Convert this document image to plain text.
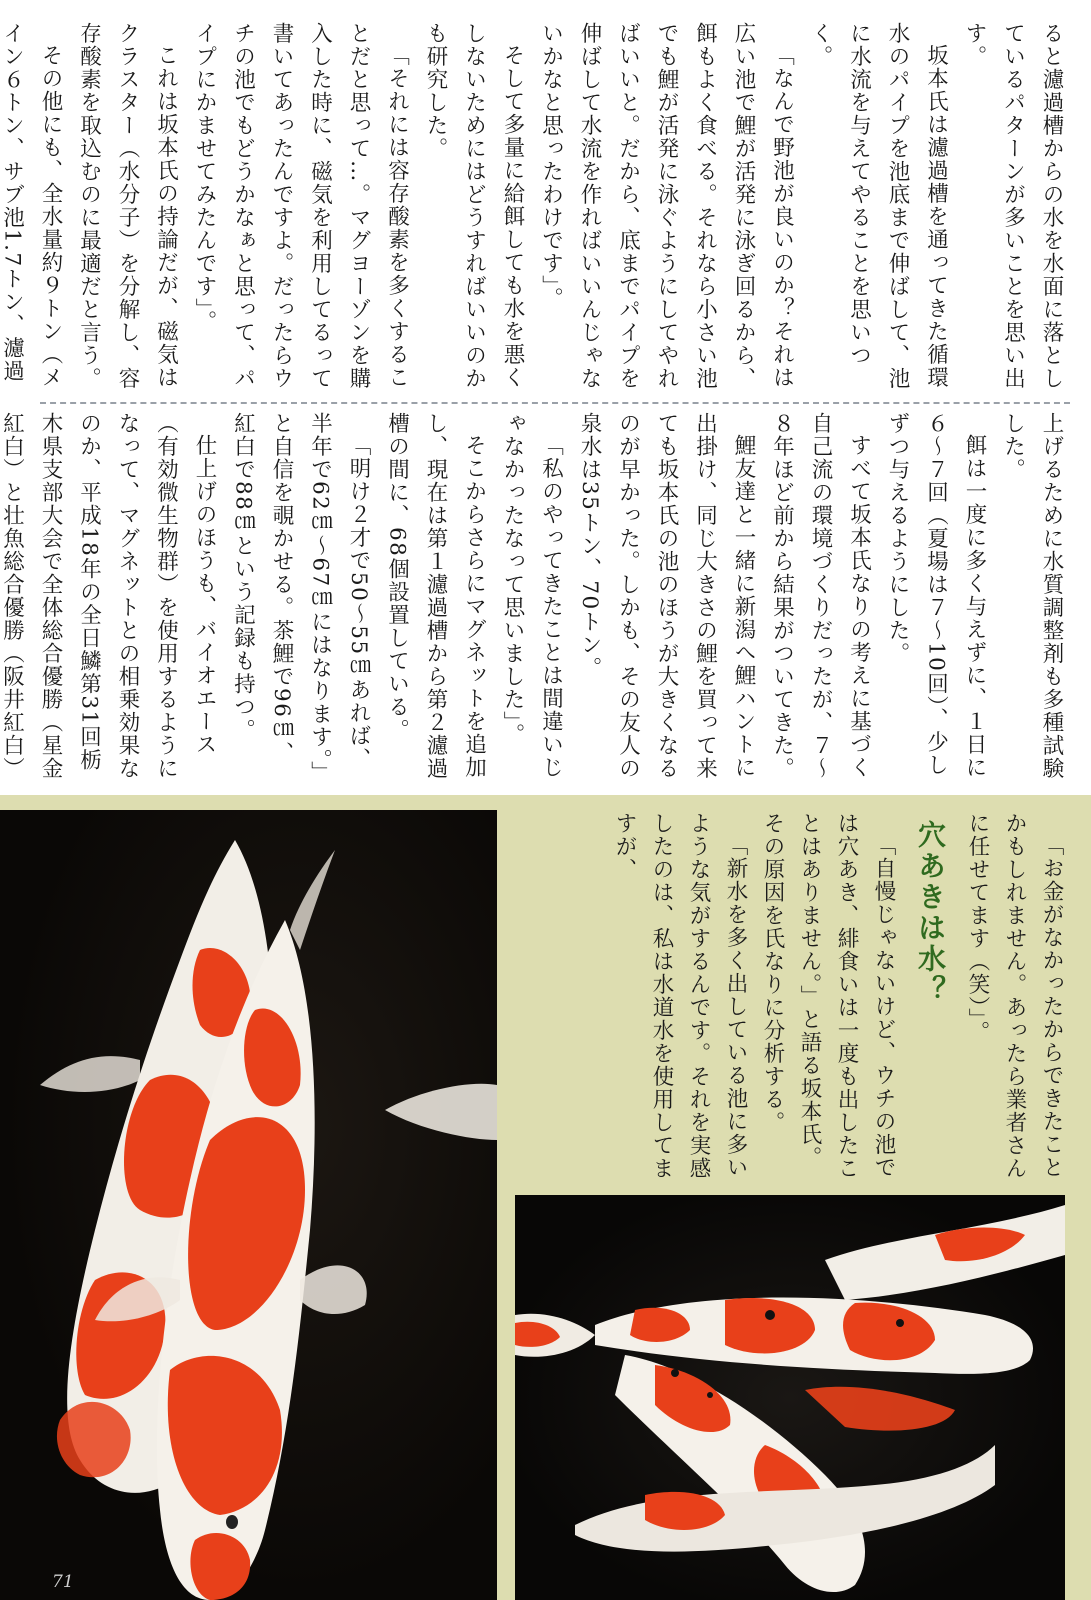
ると濾過槽からの水を水面に落としているパターンが多いことを思い出す。

坂本氏は濾過槽を通ってきた循環水のパイプを池底まで伸ばして、池に水流を与えてやることを思いつく。

「なんで野池が良いのか？それは広い池で鯉が活発に泳ぎ回るから、餌もよく食べる。それなら小さい池でも鯉が活発に泳ぐようにしてやればいいと。だから、底までパイプを伸ばして水流を作ればいいんじゃないかなと思ったわけです」。

そして多量に給餌しても水を悪くしないためにはどうすればいいのかも研究した。

「それには容存酸素を多くすることだと思って…。マグヨーゾンを購入した時に、磁気を利用してるって書いてあったんですよ。だったらウチの池でもどうかなぁと思って、パイプにかませてみたんです」。

これは坂本氏の持論だが、磁気はクラスター（水分子）を分解し、容存酸素を取込むのに最適だと言う。

その他にも、全水量約９トン（メイン６トン、サブ池1.7トン、濾過

上げるために水質調整剤も多種試験した。

餌は一度に多く与えずに、１日に６～７回（夏場は７～10回）、少しずつ与えるようにした。

すべて坂本氏なりの考えに基づく自己流の環境づくりだったが、７～８年ほど前から結果がついてきた。

鯉友達と一緒に新潟へ鯉ハントに出掛け、同じ大きさの鯉を買って来ても坂本氏の池のほうが大きくなるのが早かった。しかも、その友人の泉水は35トン、70トン。

「私のやってきたことは間違いじゃなかったなって思いました」。

そこからさらにマグネットを追加し、現在は第１濾過槽から第２濾過槽の間に、68個設置している。

「明け２才で50～55㎝あれば、半年で62㎝～67㎝にはなります。」と自信を覗かせる。茶鯉で96㎝、紅白で88㎝という記録も持つ。

仕上げのほうも、バイオエース（有効微生物群）を使用するようになって、マグネットとの相乗効果なのか、平成18年の全日鱗第31回栃木県支部大会で全体総合優勝（星金紅白）と壮魚総合優勝（阪井紅白）

「お金がなかったからできたことかもしれません。あったら業者さんに任せてます（笑）」。

穴あきは水？

「自慢じゃないけど、ウチの池では穴あき、緋食いは一度も出したことはありません。」と語る坂本氏。その原因を氏なりに分析する。

「新水を多く出している池に多いような気がするんです。それを実感したのは、私は水道水を使用してますが、

71
